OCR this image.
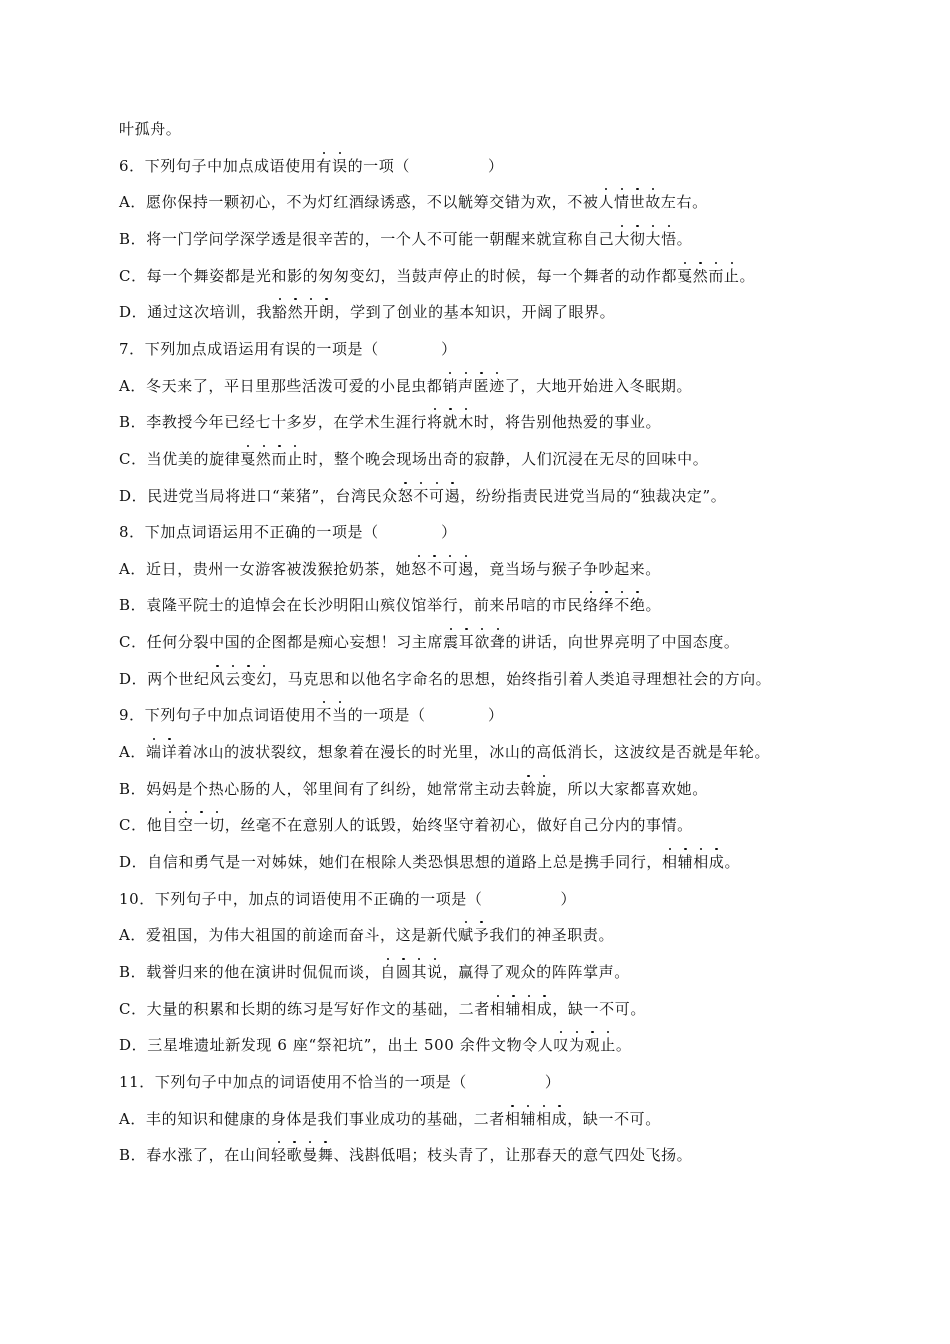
叶孤舟。
6．下列句子中加点成语使用有误的一项（　　　　　）
A．愿你保持一颗初心，不为灯红酒绿诱惑，不以觥筹交错为欢，不被人情世故左右。
B．将一门学问学深学透是很辛苦的，一个人不可能一朝醒来就宣称自己大彻大悟。
C．每一个舞姿都是光和影的匆匆变幻，当鼓声停止的时候，每一个舞者的动作都戛然而止。
D．通过这次培训，我豁然开朗，学到了创业的基本知识，开阔了眼界。
7．下列加点成语运用有误的一项是（　　　　）
A．冬天来了，平日里那些活泼可爱的小昆虫都销声匿迹了，大地开始进入冬眠期。
B．李教授今年已经七十多岁，在学术生涯行将就木时，将告别他热爱的事业。
C．当优美的旋律戛然而止时，整个晚会现场出奇的寂静，人们沉浸在无尽的回味中。
D．民进党当局将进口“莱猪”，台湾民众怒不可遏，纷纷指责民进党当局的“独裁决定”。
8．下加点词语运用不正确的一项是（　　　　）
A．近日，贵州一女游客被泼猴抢奶茶，她怒不可遏，竟当场与猴子争吵起来。
B．袁隆平院士的追悼会在长沙明阳山殡仪馆举行，前来吊唁的市民络绎不绝。
C．任何分裂中国的企图都是痴心妄想！习主席震耳欲聋的讲话，向世界亮明了中国态度。
D．两个世纪风云变幻，马克思和以他名字命名的思想，始终指引着人类追寻理想社会的方向。
9．下列句子中加点词语使用不当的一项是（　　　　）
A．端详着冰山的波状裂纹，想象着在漫长的时光里，冰山的高低消长，这波纹是否就是年轮。
B．妈妈是个热心肠的人，邻里间有了纠纷，她常常主动去斡旋，所以大家都喜欢她。
C．他目空一切，丝毫不在意别人的诋毁，始终坚守着初心，做好自己分内的事情。
D．自信和勇气是一对姊妹，她们在根除人类恐惧思想的道路上总是携手同行，相辅相成。
10．下列句子中，加点的词语使用不正确的一项是（　　　　　）
A．爱祖国，为伟大祖国的前途而奋斗，这是新代赋予我们的神圣职责。
B．载誉归来的他在演讲时侃侃而谈，自圆其说，赢得了观众的阵阵掌声。
C．大量的积累和长期的练习是写好作文的基础，二者相辅相成，缺一不可。
D．三星堆遗址新发现 6 座“祭祀坑”，出土 500 余件文物令人叹为观止。
11．下列句子中加点的词语使用不恰当的一项是（　　　　　）
A．丰的知识和健康的身体是我们事业成功的基础，二者相辅相成，缺一不可。
B．春水涨了，在山间轻歌曼舞、浅斟低唱；枝头青了，让那春天的意气四处飞扬。
